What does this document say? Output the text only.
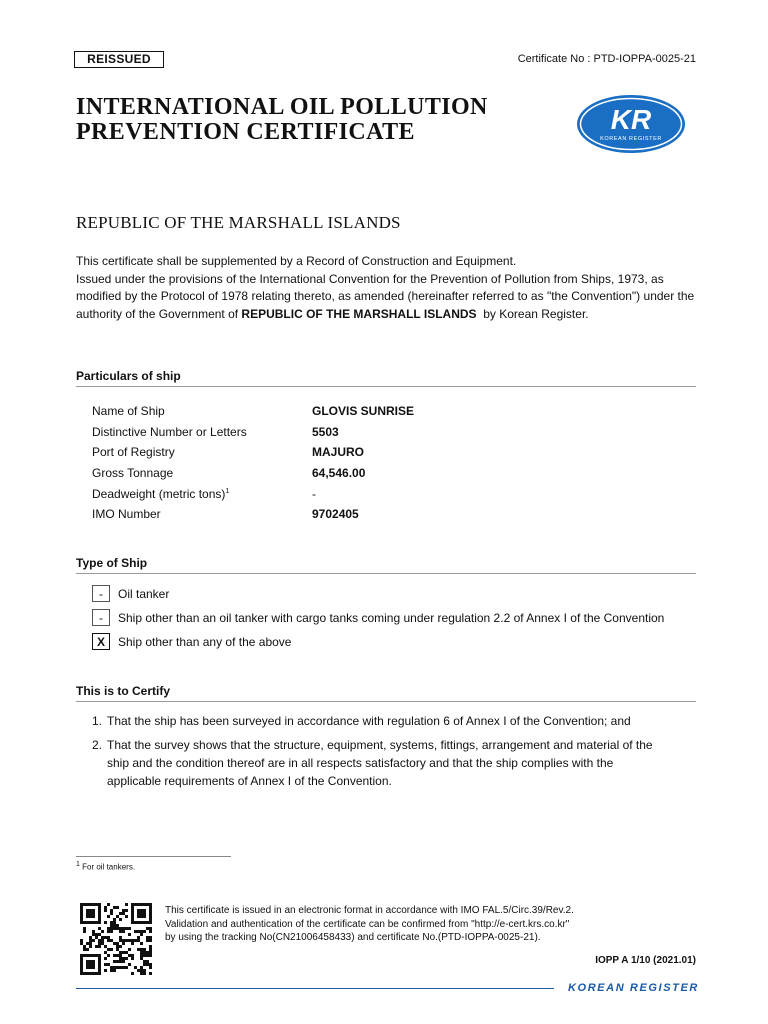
REISSUED	Certificate No : PTD-IOPPA-0025-21
INTERNATIONAL OIL POLLUTION
PREVENTION CERTIFICATE	KR
KOREAN REGISTER
REPUBLIC OF THE MARSHALL ISLANDS

This certificate shall be supplemented by a Record of Construction and Equipment.

Issued under the provisions of the International Convention for the Prevention of Pollution from Ships, 1973, as modified by the Protocol of 1978 relating thereto, as amended (hereinafter referred to as "the Convention") under the authority of the Government of REPUBLIC OF THE MARSHALL ISLANDS  by Korean Register.

Particulars of ship
Name of Ship	GLOVIS SUNRISE
Distinctive Number or Letters	5503
Port of Registry	MAJURO
Gross Tonnage	64,546.00
Deadweight (metric tons)$^1$	-
IMO Number	9702405
Type of Ship
-	Oil tanker
-	Ship other than an oil tanker with cargo tanks coming under regulation 2.2 of Annex I of the Convention
X	Ship other than any of the above
This is to Certify
1. That the ship has been surveyed in accordance with regulation 6 of Annex I of the Convention; and
2. That the survey shows that the structure, equipment, systems, fittings, arrangement and material of the ship and the condition thereof are in all respects satisfactory and that the ship complies with the applicable requirements of Annex I of the Convention.
$^1$ For oil tankers.

This certificate is issued in an electronic format in accordance with IMO FAL.5/Circ.39/Rev.2.

Validation and authentication of the certificate can be confirmed from "http://e-cert.krs.co.kr"

by using the tracking No(CN21006458433) and certificate No.(PTD-IOPPA-0025-21).

IOPP A 1/10 (2021.01)
KOREAN REGISTER
